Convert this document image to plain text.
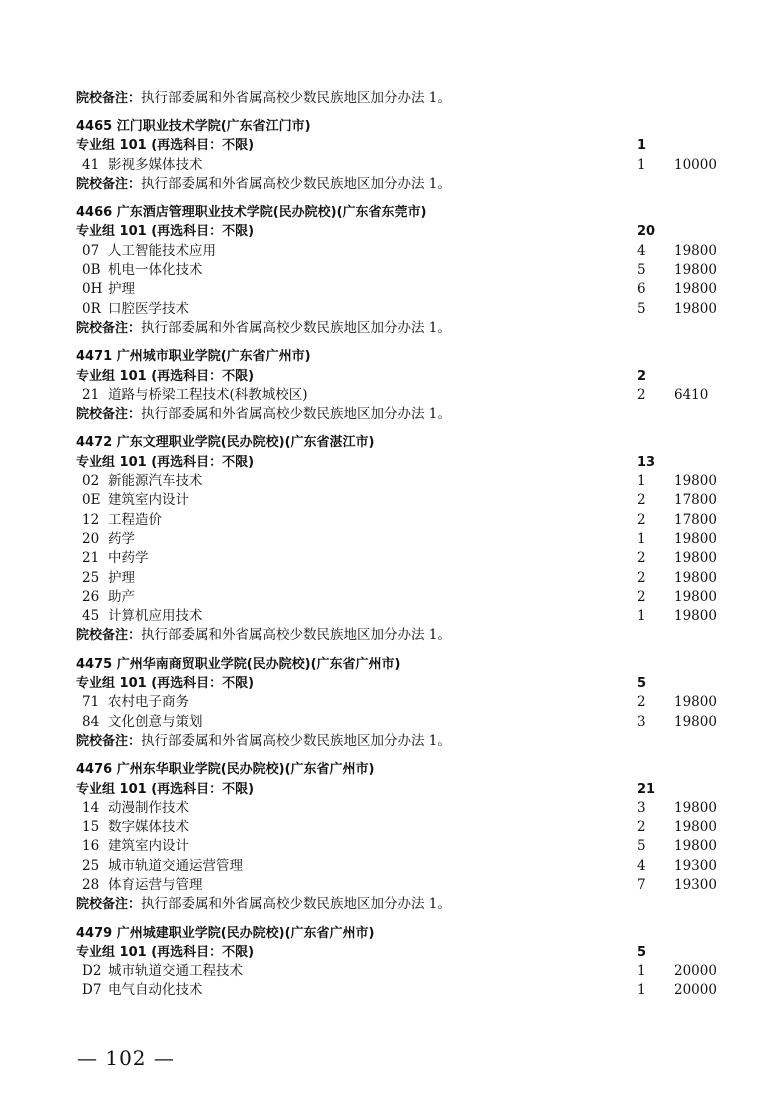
院校备注：执行部委属和外省属高校少数民族地区加分办法 1。
4465 江门职业技术学院(广东省江门市)
专业组 101 (再选科目：不限)	1
41 影视多媒体技术	1 10000
院校备注：执行部委属和外省属高校少数民族地区加分办法 1。
4466 广东酒店管理职业技术学院(民办院校)(广东省东莞市)
专业组 101 (再选科目：不限)	20
07 人工智能技术应用	4 19800
0B 机电一体化技术	5 19800
0H 护理	6 19800
0R 口腔医学技术	5 19800
院校备注：执行部委属和外省属高校少数民族地区加分办法 1。
4471 广州城市职业学院(广东省广州市)
专业组 101 (再选科目：不限)	2
21 道路与桥梁工程技术(科教城校区)	2 6410
院校备注：执行部委属和外省属高校少数民族地区加分办法 1。
4472 广东文理职业学院(民办院校)(广东省湛江市)
专业组 101 (再选科目：不限)	13
02 新能源汽车技术	1 19800
0E 建筑室内设计	2 17800
12 工程造价	2 17800
20 药学	1 19800
21 中药学	2 19800
25 护理	2 19800
26 助产	2 19800
45 计算机应用技术	1 19800
院校备注：执行部委属和外省属高校少数民族地区加分办法 1。
4475 广州华南商贸职业学院(民办院校)(广东省广州市)
专业组 101 (再选科目：不限)	5
71 农村电子商务	2 19800
84 文化创意与策划	3 19800
院校备注：执行部委属和外省属高校少数民族地区加分办法 1。
4476 广州东华职业学院(民办院校)(广东省广州市)
专业组 101 (再选科目：不限)	21
14 动漫制作技术	3 19800
15 数字媒体技术	2 19800
16 建筑室内设计	5 19800
25 城市轨道交通运营管理	4 19300
28 体育运营与管理	7 19300
院校备注：执行部委属和外省属高校少数民族地区加分办法 1。
4479 广州城建职业学院(民办院校)(广东省广州市)
专业组 101 (再选科目：不限)	5
D2 城市轨道交通工程技术	1 20000
D7 电气自动化技术	1 20000
— 102 —
